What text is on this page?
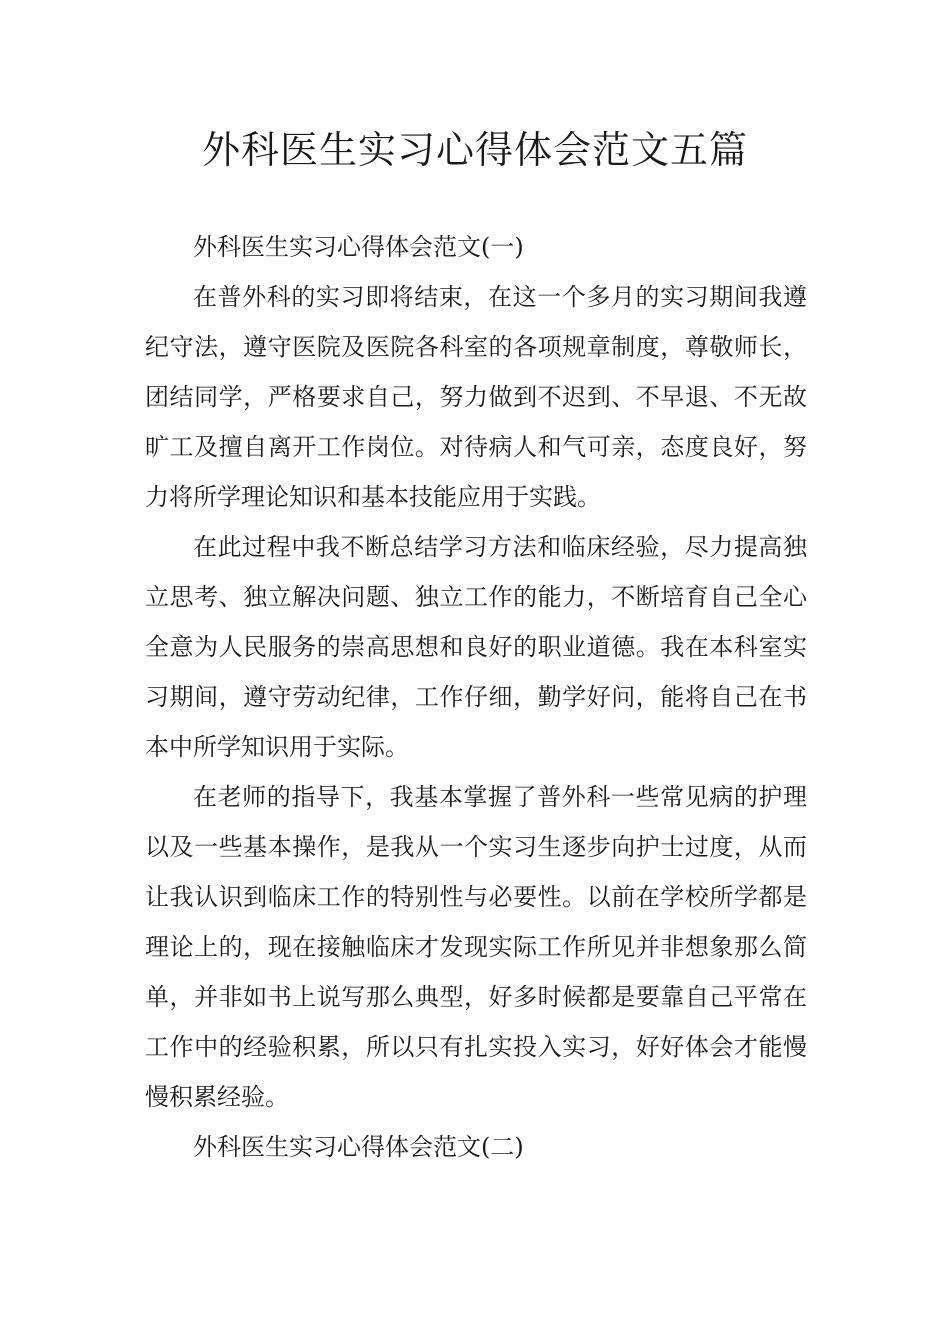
外科医生实习心得体会范文五篇

外科医生实习心得体会范文(一)

在普外科的实习即将结束，在这一个多月的实习期间我遵纪守法，遵守医院及医院各科室的各项规章制度，尊敬师长，团结同学，严格要求自己，努力做到不迟到、不早退、不无故旷工及擅自离开工作岗位。对待病人和气可亲，态度良好，努力将所学理论知识和基本技能应用于实践。

在此过程中我不断总结学习方法和临床经验，尽力提高独立思考、独立解决问题、独立工作的能力，不断培育自己全心全意为人民服务的崇高思想和良好的职业道德。我在本科室实习期间，遵守劳动纪律，工作仔细，勤学好问，能将自己在书本中所学知识用于实际。

在老师的指导下，我基本掌握了普外科一些常见病的护理以及一些基本操作，是我从一个实习生逐步向护士过度，从而让我认识到临床工作的特别性与必要性。以前在学校所学都是理论上的，现在接触临床才发现实际工作所见并非想象那么简单，并非如书上说写那么典型，好多时候都是要靠自己平常在工作中的经验积累，所以只有扎实投入实习，好好体会才能慢慢积累经验。

外科医生实习心得体会范文(二)
